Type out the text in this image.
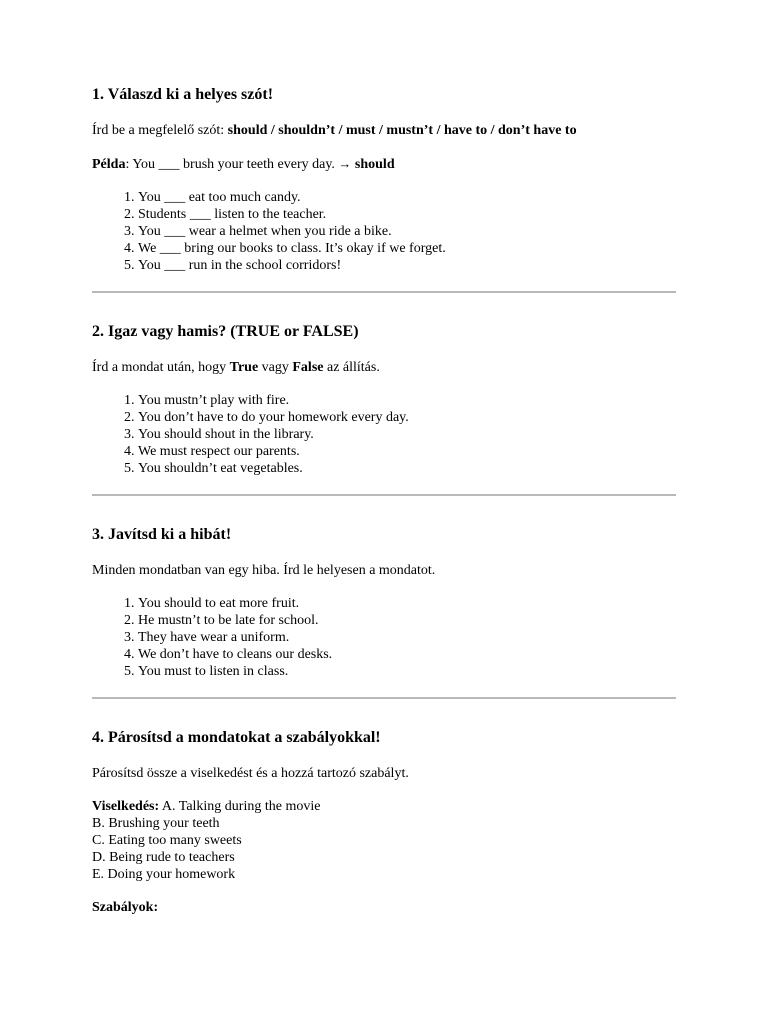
1. Válaszd ki a helyes szót!

Írd be a megfelelő szót: should / shouldn’t / must / mustn’t / have to / don’t have to

Példa: You ___ brush your teeth every day. → should

1. You ___ eat too much candy.
2. Students ___ listen to the teacher.
3. You ___ wear a helmet when you ride a bike.
4. We ___ bring our books to class. It’s okay if we forget.
5. You ___ run in the school corridors!
2. Igaz vagy hamis? (TRUE or FALSE)

Írd a mondat után, hogy True vagy False az állítás.

1. You mustn’t play with fire.
2. You don’t have to do your homework every day.
3. You should shout in the library.
4. We must respect our parents.
5. You shouldn’t eat vegetables.
3. Javítsd ki a hibát!

Minden mondatban van egy hiba. Írd le helyesen a mondatot.

1. You should to eat more fruit.
2. He mustn’t to be late for school.
3. They have wear a uniform.
4. We don’t have to cleans our desks.
5. You must to listen in class.
4. Párosítsd a mondatokat a szabályokkal!

Párosítsd össze a viselkedést és a hozzá tartozó szabályt.

Viselkedés: A. Talking during the movie
B. Brushing your teeth
C. Eating too many sweets
D. Being rude to teachers
E. Doing your homework

Szabályok:
